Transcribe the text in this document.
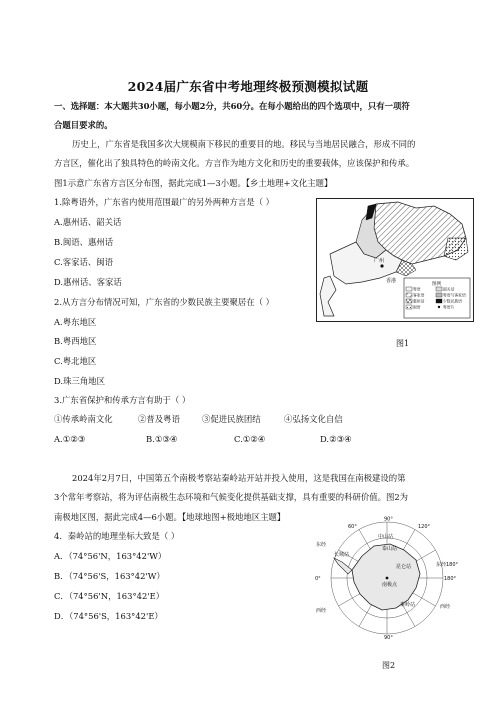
2024届广东省中考地理终极预测模拟试题
一、选择题：本大题共30小题，每小题2分，共60分。在每小题给出的四个选项中，只有一项符
合题目要求的。
历史上，广东省是我国多次大规模南下移民的重要目的地。移民与当地居民融合，形成不同的
方言区，催化出了独具特色的岭南文化。方言作为地方文化和历史的重要载体，应该保护和传承。
图1示意广东省方言区分布图，据此完成1—3小题。【乡土地理+文化主题】
1.除粤语外，广东省内使用范围最广的另外两种方言是（ ）
A.惠州话、韶关话
B.闽语、惠州话
C.客家话、闽语
D.惠州话、客家话
2.从方言分布情况可知，广东省的少数民族主要聚居在（ ）
A.粤东地区
B.粤西地区
C.粤北地区
D.珠三角地区
3.广东省保护和传承方言有助于（ ）
①传承岭南文化	②普及粤语	③促进民族团结	④弘扬文化自信
A.①②③	B.①③④	C.①②④	D.②③④
广州
香港
图例
粤语
客家语
惠州话
闽语
韶关话
粤语与客家语
少数民族语
粤语片
图1
2024年2月7日，中国第五个南极考察站秦岭站开站并投入使用，这是我国在南极建设的第
3个常年考察站，将为评估南极生态环境和气候变化提供基础支撑，具有重要的科研价值。图2为
南极地区图，据此完成4—6小题。【地球地图+极地地区主题】
4．秦岭站的地理坐标大致是（ ）
A．（74°56'N，163°42'W）
B．（74°56'S，163°42'W）
C．（74°56'N，163°42'E）
D．（74°56'S，163°42'E）
90°
180°
0°
90°
120°
60°
中山站
泰山站
长城站
秦岭站
昆仑站
南极点
东经
西经
东经180°
西经
图2
